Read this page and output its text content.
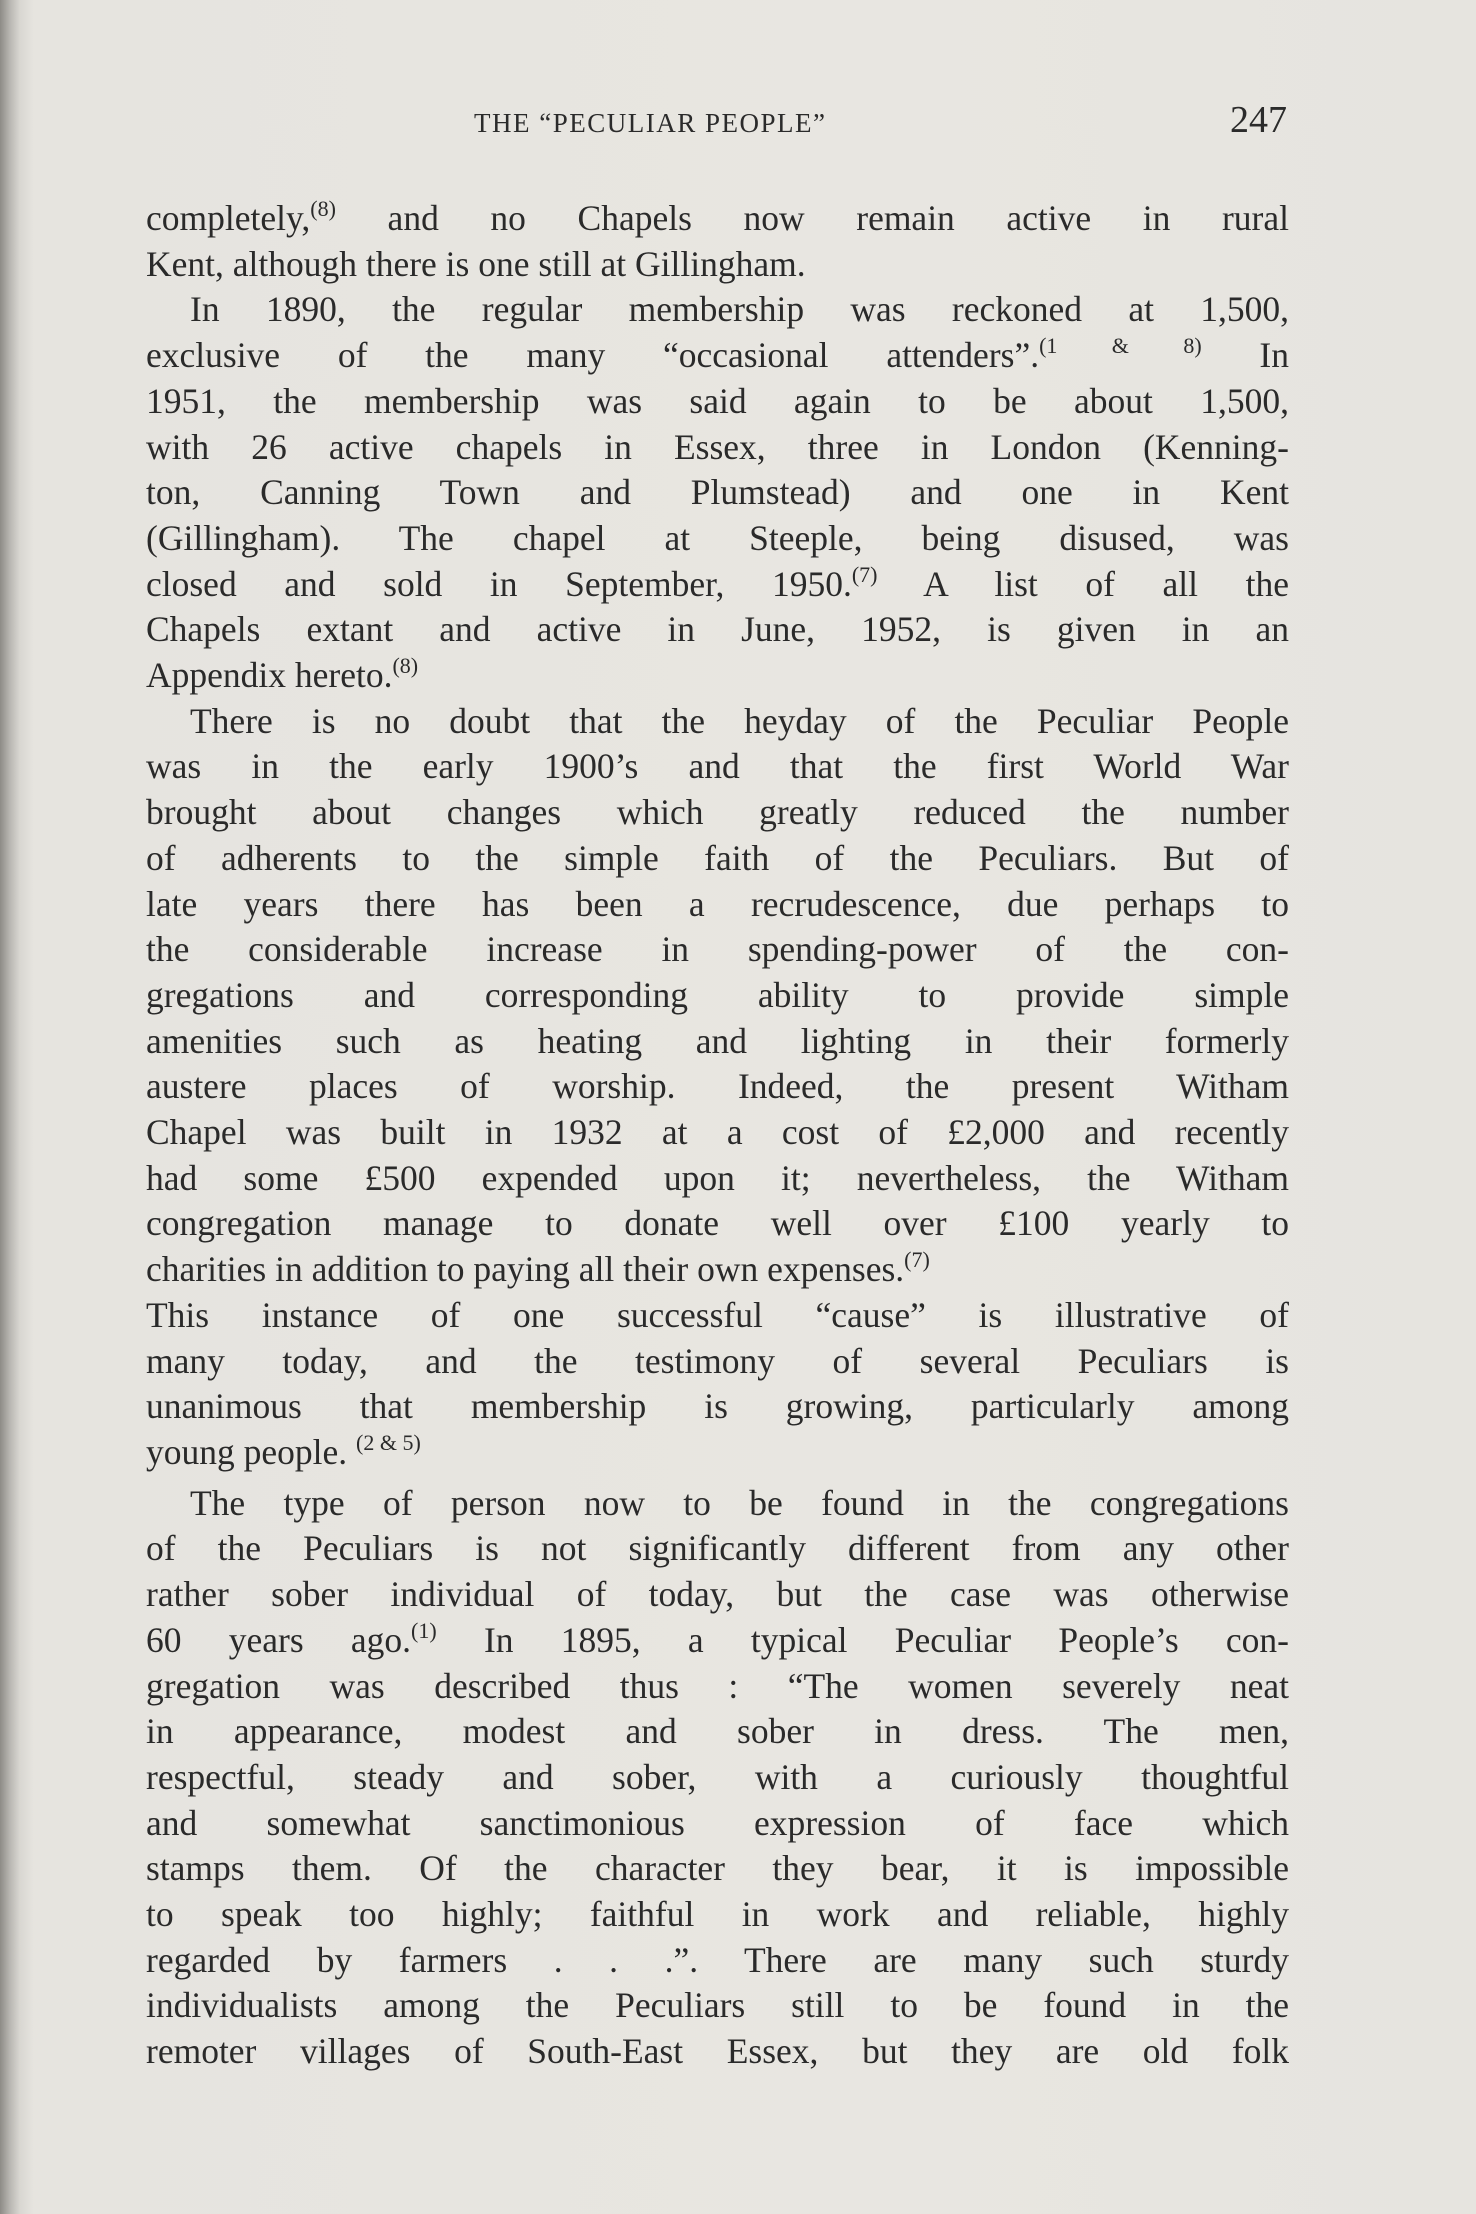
THE “PECULIAR PEOPLE”	247
completely,$^{(8)}$ and no Chapels now remain active in rural
Kent, although there is one still at Gillingham.
In 1890, the regular membership was reckoned at 1,500,
exclusive of the many “occasional attenders”.$^{(1 \& 8)}$ In
1951, the membership was said again to be about 1,500,
with 26 active chapels in Essex, three in London (Kenning-
ton, Canning Town and Plumstead) and one in Kent
(Gillingham). The chapel at Steeple, being disused, was
closed and sold in September, 1950.$^{(7)}$ A list of all the
Chapels extant and active in June, 1952, is given in an
Appendix hereto.$^{(8)}$
There is no doubt that the heyday of the Peculiar People
was in the early 1900’s and that the first World War
brought about changes which greatly reduced the number
of adherents to the simple faith of the Peculiars. But of
late years there has been a recrudescence, due perhaps to
the considerable increase in spending-power of the con-
gregations and corresponding ability to provide simple
amenities such as heating and lighting in their formerly
austere places of worship. Indeed, the present Witham
Chapel was built in 1932 at a cost of £2,000 and recently
had some £500 expended upon it; nevertheless, the Witham
congregation manage to donate well over £100 yearly to
charities in addition to paying all their own expenses.$^{(7)}$
This instance of one successful “cause” is illustrative of
many today, and the testimony of several Peculiars is
unanimous that membership is growing, particularly among
young people. $^{(2 \& 5)}$
The type of person now to be found in the congregations
of the Peculiars is not significantly different from any other
rather sober individual of today, but the case was otherwise
60 years ago.$^{(1)}$ In 1895, a typical Peculiar People’s con-
gregation was described thus : “The women severely neat
in appearance, modest and sober in dress. The men,
respectful, steady and sober, with a curiously thoughtful
and somewhat sanctimonious expression of face which
stamps them. Of the character they bear, it is impossible
to speak too highly; faithful in work and reliable, highly
regarded by farmers . . .”. There are many such sturdy
individualists among the Peculiars still to be found in the
remoter villages of South-East Essex, but they are old folk
